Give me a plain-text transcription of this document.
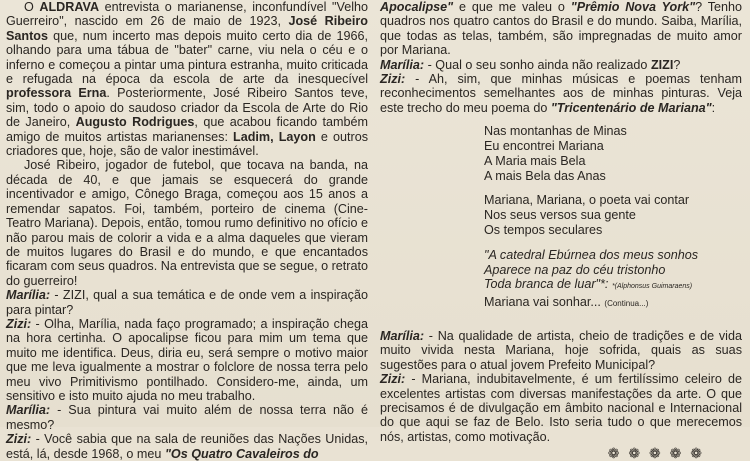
O ALDRAVA entrevista o marianense, inconfundível "Velho Guerreiro", nascido em 26 de maio de 1923, José Ribeiro Santos que, num incerto mas depois muito certo dia de 1966, olhando para uma tábua de "bater" carne, viu nela o céu e o inferno e começou a pintar uma pintura estranha, muito criticada e refugada na época da escola de arte da inesquecível professora Erna. Posteriormente, José Ribeiro Santos teve, sim, todo o apoio do saudoso criador da Escola de Arte do Rio de Janeiro, Augusto Rodrigues, que acabou ficando também amigo de muitos artistas marianenses: Ladim, Layon e outros criadores que, hoje, são de valor inestimável.

José Ribeiro, jogador de futebol, que tocava na banda, na década de 40, e que jamais se esquecerá do grande incentivador e amigo, Cônego Braga, começou aos 15 anos a remendar sapatos. Foi, também, porteiro de cinema (Cine-Teatro Mariana). Depois, então, tomou rumo definitivo no ofício e não parou mais de colorir a vida e a alma daqueles que vieram de muitos lugares do Brasil e do mundo, e que encantados ficaram com seus quadros. Na entrevista que se segue, o retrato do guerreiro!

Marília: - ZIZI, qual a sua temática e de onde vem a inspiração para pintar?

Zizi: - Olha, Marília, nada faço programado; a inspiração chega na hora certinha. O apocalipse ficou para mim um tema que muito me identifica. Deus, diria eu, será sempre o motivo maior que me leva igualmente a mostrar o folclore de nossa terra pelo meu vivo Primitivismo pontilhado. Considero-me, ainda, um sensitivo e isto muito ajuda no meu trabalho.

Marília: - Sua pintura vai muito além de nossa terra não é mesmo?

Zizi: - Você sabia que na sala de reuniões das Nações Unidas, está, lá, desde 1968, o meu "Os Quatro Cavaleiros do

Apocalipse" e que me valeu o "Prêmio Nova York"? Tenho quadros nos quatro cantos do Brasil e do mundo. Saiba, Marília, que todas as telas, também, são impregnadas de muito amor por Mariana.

Marília: - Qual o seu sonho ainda não realizado ZIZI?

Zizi: - Ah, sim, que minhas músicas e poemas tenham reconhecimentos semelhantes aos de minhas pinturas. Veja este trecho do meu poema do "Tricentenário de Mariana":

Nas montanhas de Minas
Eu encontrei Mariana
A Maria mais Bela
A mais Bela das Anas
Mariana, Mariana, o poeta vai contar
Nos seus versos sua gente
Os tempos seculares
"A catedral Ebúrnea dos meus sonhos
Aparece na paz do céu tristonho
Toda branca de luar"*: *(Alphonsus Guimaraens)
Mariana vai sonhar... (Continua...)

Marília: - Na qualidade de artista, cheio de tradições e de vida muito vivida nesta Mariana, hoje sofrida, quais as suas sugestões para o atual jovem Prefeito Municipal?

Zizi: - Mariana, indubitavelmente, é um fertilíssimo celeiro de excelentes artistas com diversas manifestações da arte. O que precisamos é de divulgação em âmbito nacional e Internacional do que aqui se faz de Belo. Isto seria tudo o que merecemos nós, artistas, como motivação.

❁ ❁ ❁ ❁ ❁
